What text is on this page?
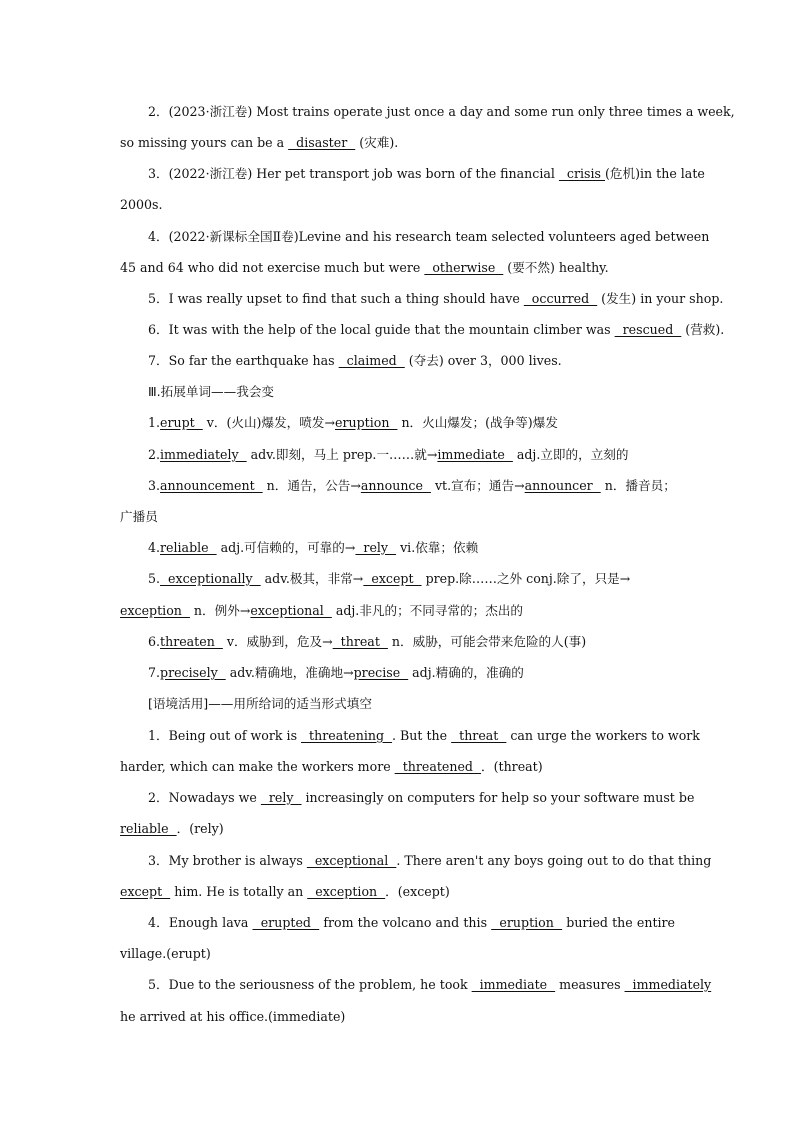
2．(2023·浙江卷) Most trains operate just once a day and some run only three times a week,
so missing yours can be a   disaster   (灾难).
3．(2022·浙江卷) Her pet transport job was born of the financial   crisis (危机)in the late
2000s.
4．(2022·新课标全国Ⅱ卷)Levine and his research team selected volunteers aged between
45 and 64 who did not exercise much but were   otherwise   (要不然) healthy.
5．I was really upset to find that such a thing should have   occurred   (发生) in your shop.
6．It was with the help of the local guide that the mountain climber was   rescued   (营救).
7．So far the earthquake has   claimed   (夺去) over 3，000 lives.
Ⅲ.拓展单词——我会变
1.erupt   v．(火山)爆发，喷发→eruption   n．火山爆发；(战争等)爆发
2.immediately   adv.即刻，马上 prep.一……就→immediate   adj.立即的，立刻的
3.announcement   n．通告，公告→announce   vt.宣布；通告→announcer   n．播音员；
广播员
4.reliable   adj.可信赖的，可靠的→  rely   vi.依靠；依赖
5.  exceptionally   adv.极其，非常→  except   prep.除……之外 conj.除了，只是→
exception   n．例外→exceptional   adj.非凡的；不同寻常的；杰出的
6.threaten   v．威胁到，危及→  threat   n．威胁，可能会带来危险的人(事)
7.precisely   adv.精确地，准确地→precise   adj.精确的，准确的
[语境活用]——用所给词的适当形式填空
1．Being out of work is   threatening  . But the   threat   can urge the workers to work
harder, which can make the workers more   threatened  ．(threat)
2．Nowadays we   rely   increasingly on computers for help so your software must be
reliable  ．(rely)
3．My brother is always   exceptional  . There aren't any boys going out to do that thing
except   him. He is totally an   exception  ．(except)
4．Enough lava   erupted   from the volcano and this   eruption   buried the entire
village.(erupt)
5．Due to the seriousness of the problem, he took   immediate   measures   immediately
he arrived at his office.(immediate)
